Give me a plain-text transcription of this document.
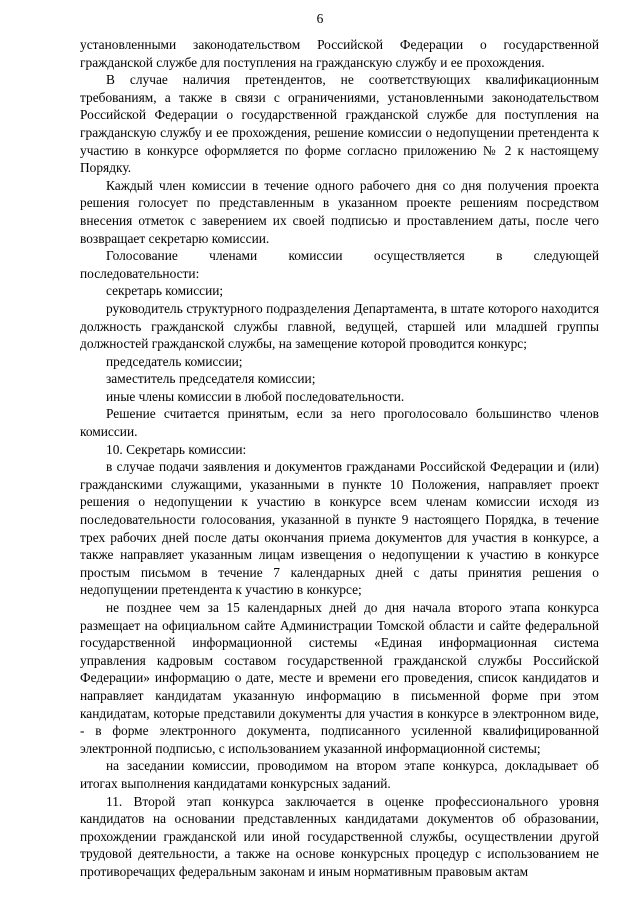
6

установленными законодательством Российской Федерации о государственной гражданской службе для поступления на гражданскую службу и ее прохождения.

В случае наличия претендентов, не соответствующих квалификационным требованиям, а также в связи с ограничениями, установленными законодательством Российской Федерации о государственной гражданской службе для поступления на гражданскую службу и ее прохождения, решение комиссии о недопущении претендента к участию в конкурсе оформляется по форме согласно приложению № 2 к настоящему Порядку.

Каждый член комиссии в течение одного рабочего дня со дня получения проекта решения голосует по представленным в указанном проекте решениям посредством внесения отметок с заверением их своей подписью и проставлением даты, после чего возвращает секретарю комиссии.

Голосование членами комиссии осуществляется в следующей

последовательности:

секретарь комиссии;

руководитель структурного подразделения Департамента, в штате которого находится должность гражданской службы главной, ведущей, старшей или младшей группы должностей гражданской службы, на замещение которой проводится конкурс;

председатель комиссии;

заместитель председателя комиссии;

иные члены комиссии в любой последовательности.

Решение считается принятым, если за него проголосовало большинство членов комиссии.

10. Секретарь комиссии:

в случае подачи заявления и документов гражданами Российской Федерации и (или) гражданскими служащими, указанными в пункте 10 Положения, направляет проект решения о недопущении к участию в конкурсе всем членам комиссии исходя из последовательности голосования, указанной в пункте 9 настоящего Порядка, в течение трех рабочих дней после даты окончания приема документов для участия в конкурсе, а также направляет указанным лицам извещения о недопущении к участию в конкурсе простым письмом в течение 7 календарных дней с даты принятия решения о недопущении претендента к участию в конкурсе;

не позднее чем за 15 календарных дней до дня начала второго этапа конкурса размещает на официальном сайте Администрации Томской области и сайте федеральной государственной информационной системы «Единая информационная система управления кадровым составом государственной гражданской службы Российской Федерации» информацию о дате, месте и времени его проведения, список кандидатов и направляет кандидатам указанную информацию в письменной форме при этом кандидатам, которые представили документы для участия в конкурсе в электронном виде, - в форме электронного документа, подписанного усиленной квалифицированной электронной подписью, с использованием указанной информационной системы;

на заседании комиссии, проводимом на втором этапе конкурса, докладывает об итогах выполнения кандидатами конкурсных заданий.

11. Второй этап конкурса заключается в оценке профессионального уровня кандидатов на основании представленных кандидатами документов об образовании, прохождении гражданской или иной государственной службы, осуществлении другой трудовой деятельности, а также на основе конкурсных процедур с использованием не противоречащих федеральным законам и иным нормативным правовым актам
